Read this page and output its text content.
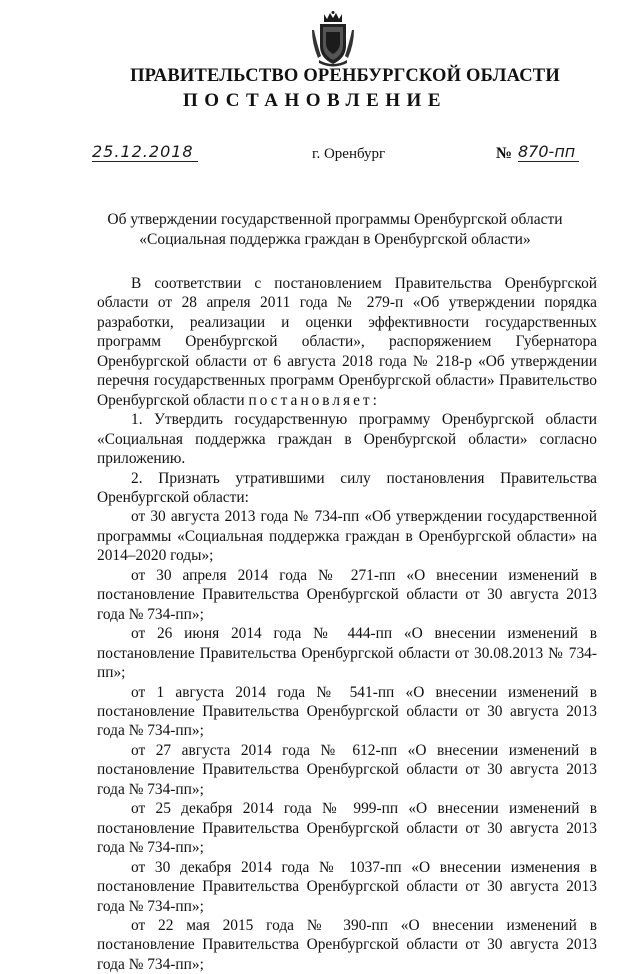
ПРАВИТЕЛЬСТВО ОРЕНБУРГСКОЙ ОБЛАСТИ
ПОСТАНОВЛЕНИЕ
25.12.2018	г. Оренбург	№ 870-пп
Об утверждении государственной программы Оренбургской области
«Социальная поддержка граждан в Оренбургской области»

В соответствии с постановлением Правительства Оренбургской области от 28 апреля 2011 года № 279-п «Об утверждении порядка разработки, реализации и оценки эффективности государственных программ Оренбургской области», распоряжением Губернатора Оренбургской области от 6 августа 2018 года № 218-р «Об утверждении перечня государственных программ Оренбургской области» Правительство Оренбургской области постановляет:

1. Утвердить государственную программу Оренбургской области «Социальная поддержка граждан в Оренбургской области» согласно приложению.

2. Признать утратившими силу постановления Правительства Оренбургской области:

от 30 августа 2013 года № 734-пп «Об утверждении государственной программы «Социальная поддержка граждан в Оренбургской области» на 2014–2020 годы»;

от 30 апреля 2014 года № 271-пп «О внесении изменений в постановление Правительства Оренбургской области от 30 августа 2013 года № 734-пп»;

от 26 июня 2014 года № 444-пп «О внесении изменений в постановление Правительства Оренбургской области от 30.08.2013 № 734-пп»;

от 1 августа 2014 года № 541-пп «О внесении изменений в постановление Правительства Оренбургской области от 30 августа 2013 года № 734-пп»;

от 27 августа 2014 года № 612-пп «О внесении изменений в постановление Правительства Оренбургской области от 30 августа 2013 года № 734-пп»;

от 25 декабря 2014 года № 999-пп «О внесении изменений в постановление Правительства Оренбургской области от 30 августа 2013 года № 734-пп»;

от 30 декабря 2014 года № 1037-пп «О внесении изменения в постановление Правительства Оренбургской области от 30 августа 2013 года № 734-пп»;

от 22 мая 2015 года № 390-пп «О внесении изменений в постановление Правительства Оренбургской области от 30 августа 2013 года № 734-пп»;
